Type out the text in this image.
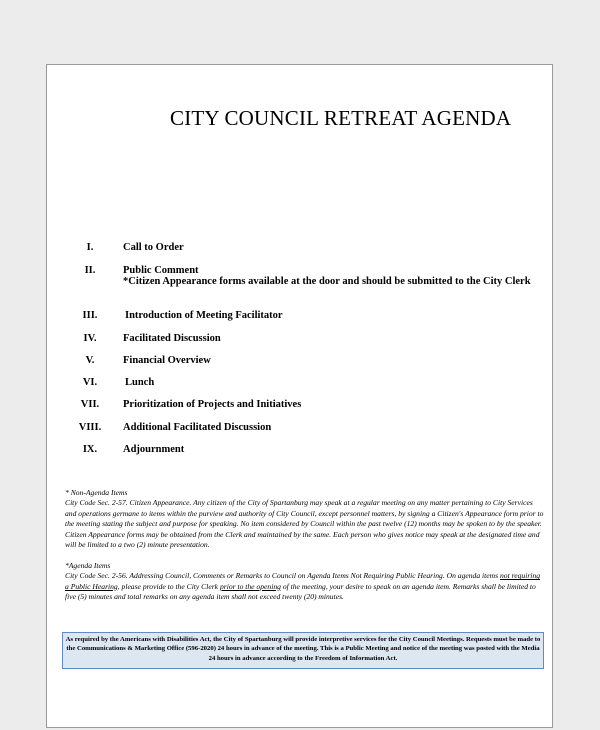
CITY COUNCIL RETREAT AGENDA
I.	Call to Order
II.	Public Comment
*Citizen Appearance forms available at the door and should be submitted to the City Clerk
III.	Introduction of Meeting Facilitator
IV.	Facilitated Discussion
V.	Financial Overview
VI.	Lunch
VII.	Prioritization of Projects and Initiatives
VIII.	Additional Facilitated Discussion
IX.	Adjournment

* Non-Agenda Items

City Code Sec. 2-57. Citizen Appearance. Any citizen of the City of Spartanburg may speak at a regular meeting on any matter pertaining to City Services and operations germane to items within the purview and authority of City Council, except personnel matters, by signing a Citizen's Appearance form prior to the meeting stating the subject and purpose for speaking. No item considered by Council within the past twelve (12) months may be spoken to by the speaker. Citizen Appearance forms may be obtained from the Clerk and maintained by the same. Each person who gives notice may speak at the designated time and will be limited to a two (2) minute presentation.

*Agenda Items

City Code Sec. 2-56. Addressing Council, Comments or Remarks to Council on Agenda Items Not Requiring Public Hearing. On agenda items not requiring a Public Hearing, please provide to the City Clerk prior to the opening of the meeting, your desire to speak on an agenda item. Remarks shall be limited to five (5) minutes and total remarks on any agenda item shall not exceed twenty (20) minutes.

As required by the Americans with Disabilities Act, the City of Spartanburg will provide interpretive services for the City Council Meetings. Requests must be made to the Communications & Marketing Office (596-2020) 24 hours in advance of the meeting. This is a Public Meeting and notice of the meeting was posted with the Media 24 hours in advance according to the Freedom of Information Act.
